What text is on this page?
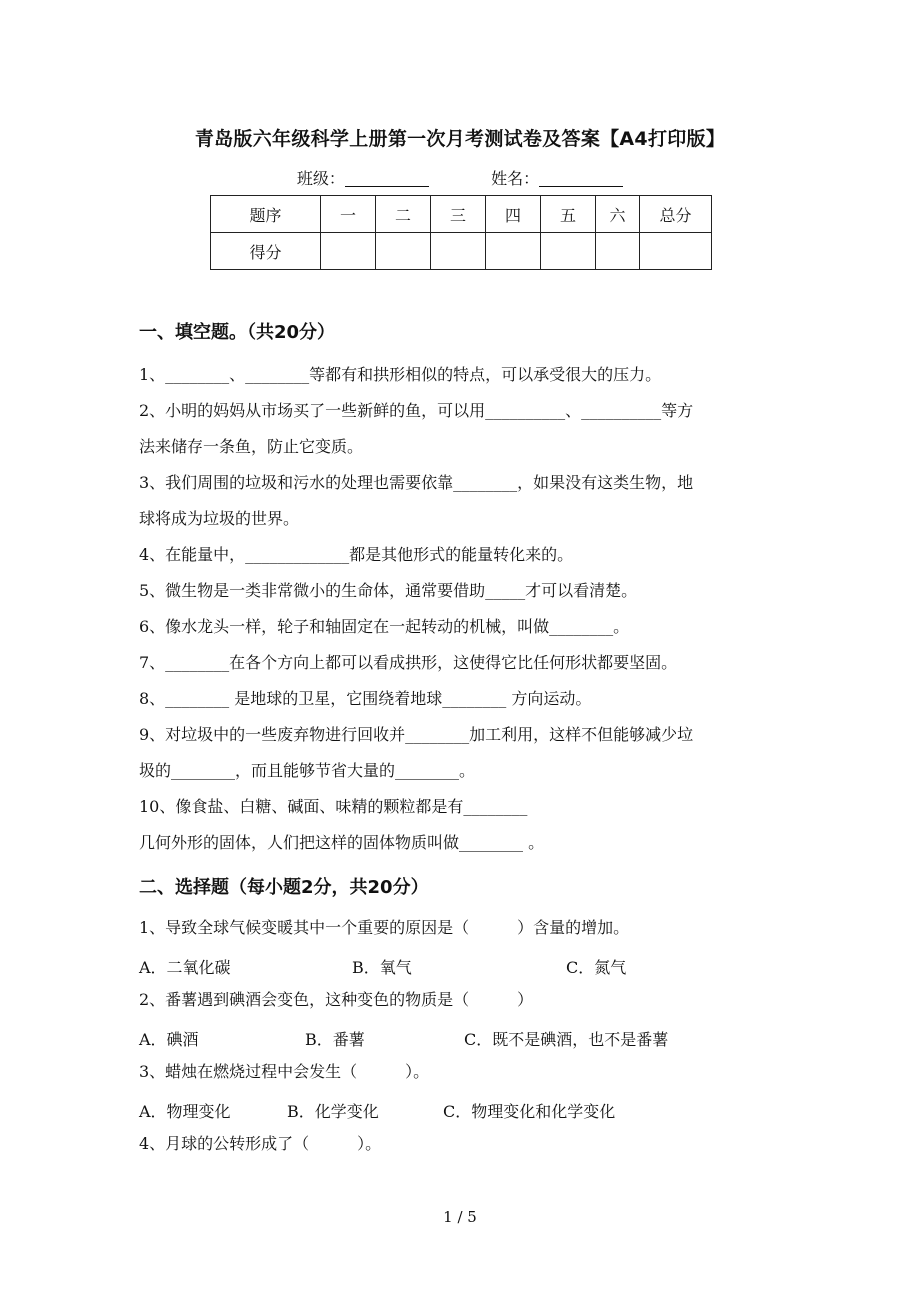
青岛版六年级科学上册第一次月考测试卷及答案【A4打印版】
班级：	姓名：
题序	一	二	三	四	五	六	总分
得分							
一、填空题。（共20分）
1、________、________等都有和拱形相似的特点，可以承受很大的压力。
2、小明的妈妈从市场买了一些新鲜的鱼，可以用__________、__________等方
法来储存一条鱼，防止它变质。
3、我们周围的垃圾和污水的处理也需要依靠________，如果没有这类生物，地
球将成为垃圾的世界。
4、在能量中，_____________都是其他形式的能量转化来的。
5、微生物是一类非常微小的生命体，通常要借助_____才可以看清楚。
6、像水龙头一样，轮子和轴固定在一起转动的机械，叫做________。
7、________在各个方向上都可以看成拱形，这使得它比任何形状都要坚固。
8、________ 是地球的卫星，它围绕着地球________ 方向运动。
9、对垃圾中的一些废弃物进行回收并________加工利用，这样不但能够减少垃
圾的________，而且能够节省大量的________。
10、像食盐、白糖、碱面、味精的颗粒都是有________
几何外形的固体，人们把这样的固体物质叫做________ 。
二、选择题（每小题2分，共20分）
1、导致全球气候变暖其中一个重要的原因是（　　　）含量的增加。
A．二氧化碳	B．氧气	C．氮气
2、番薯遇到碘酒会变色，这种变色的物质是（　　　）
A．碘酒	B．番薯	C．既不是碘酒，也不是番薯
3、蜡烛在燃烧过程中会发生（　　　）。
A．物理变化	B．化学变化	C．物理变化和化学变化
4、月球的公转形成了（　　　）。
1 / 5
